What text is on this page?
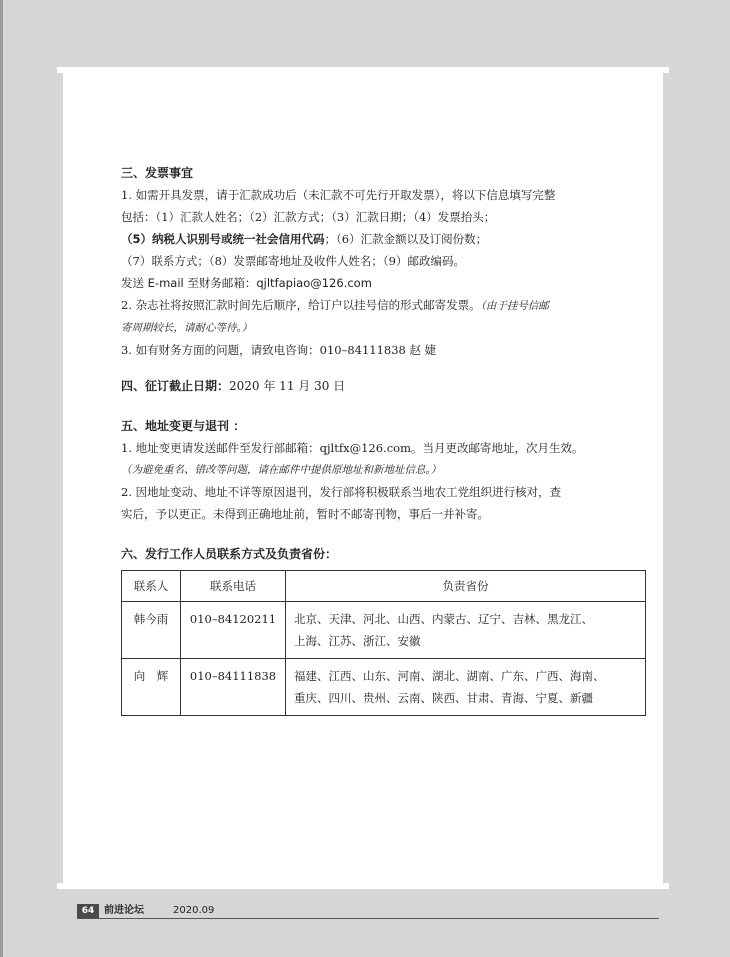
三、发票事宜

1. 如需开具发票，请于汇款成功后（未汇款不可先行开取发票），将以下信息填写完整

包括：（1）汇款人姓名；（2）汇款方式；（3）汇款日期；（4）发票抬头；

（5）纳税人识别号或统一社会信用代码；（6）汇款金额以及订阅份数；

（7）联系方式；（8）发票邮寄地址及收件人姓名；（9）邮政编码。

发送 E-mail 至财务邮箱：qjltfapiao@126.com

2. 杂志社将按照汇款时间先后顺序，给订户以挂号信的形式邮寄发票。（由于挂号信邮

寄周期较长，请耐心等待。）

3. 如有财务方面的问题，请致电咨询：010–84111838 赵 婕

四、征订截止日期：2020 年 11 月 30 日

五、地址变更与退刊 ：

1. 地址变更请发送邮件至发行部邮箱：qjltfx@126.com。当月更改邮寄地址，次月生效。

（为避免重名、错改等问题，请在邮件中提供原地址和新地址信息。）

2. 因地址变动、地址不详等原因退刊，发行部将积极联系当地农工党组织进行核对，查

实后，予以更正。未得到正确地址前，暂时不邮寄刊物，事后一并补寄。

六、发行工作人员联系方式及负责省份：

联系人	联系电话	负责省份
韩今雨	010–84120211	北京、天津、河北、山西、内蒙古、辽宁、吉林、黑龙江、
上海、江苏、浙江、安徽

向　辉	010–84111838	福建、江西、山东、河南、湖北、湖南、广东、广西、海南、
重庆、四川、贵州、云南、陕西、甘肃、青海、宁夏、新疆
64 前进论坛	2020.09
